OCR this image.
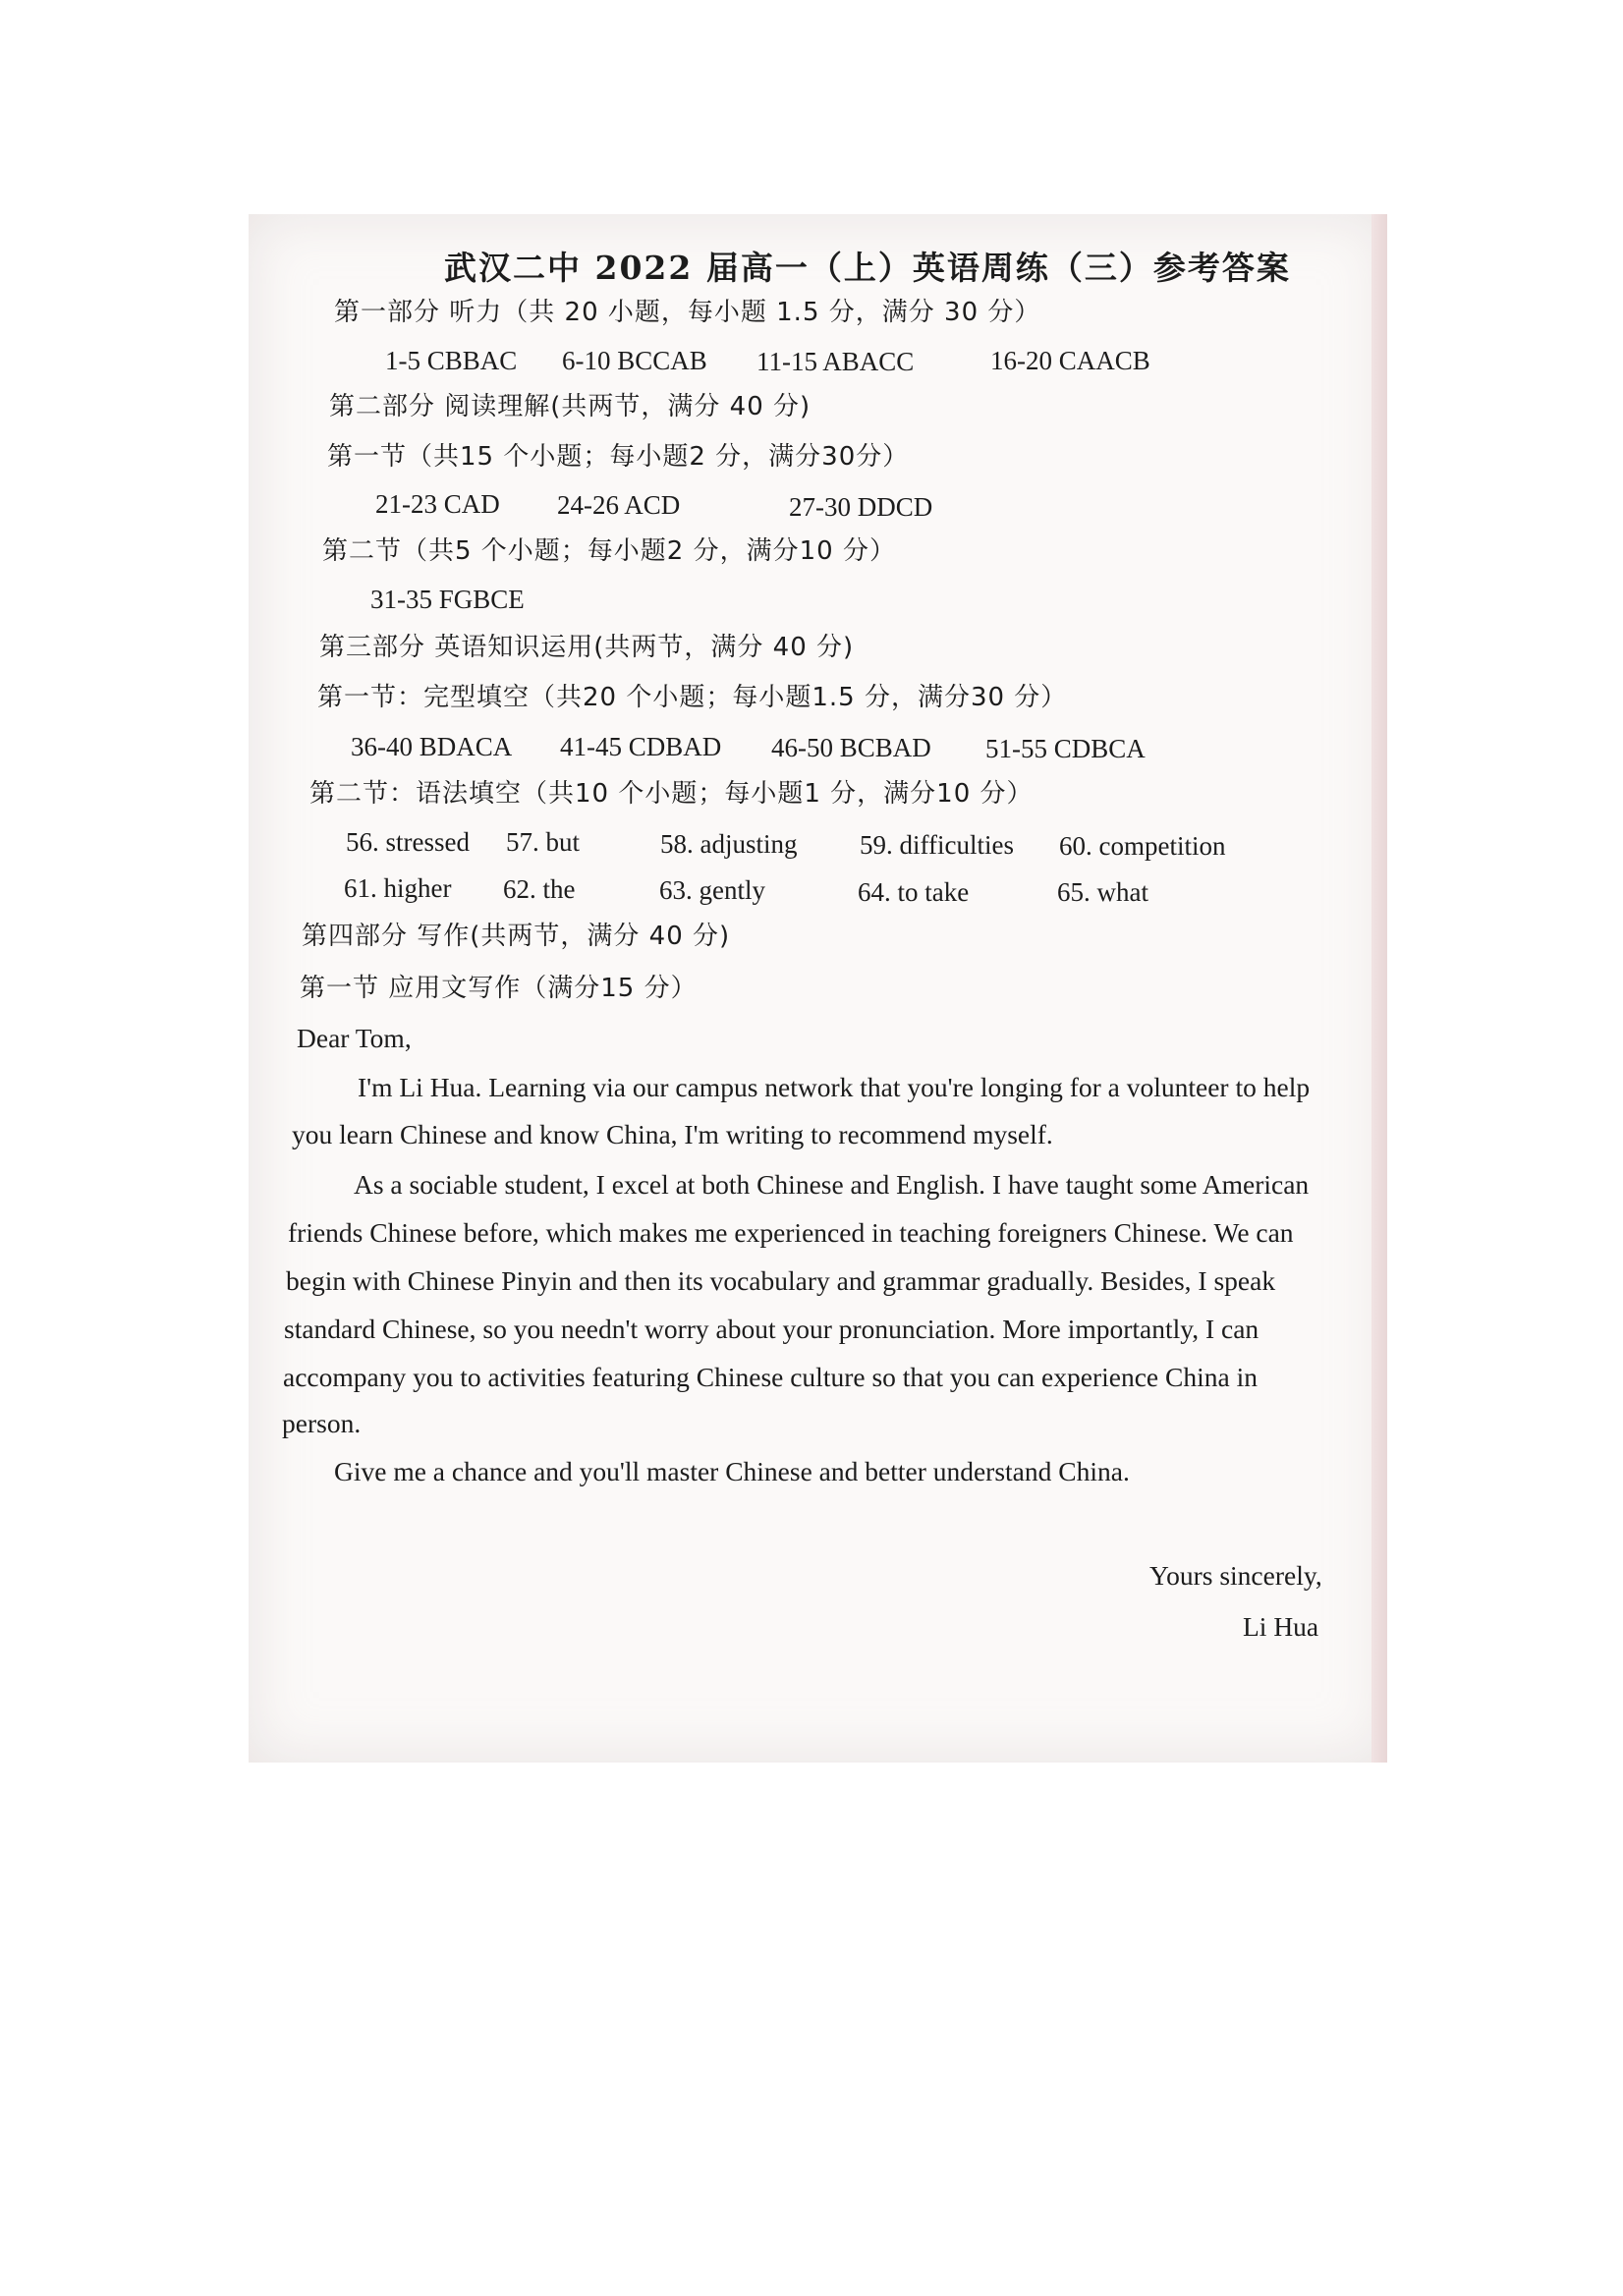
武汉二中 2022 届高一（上）英语周练（三）参考答案
第一部分 听力（共 20 小题，每小题 1.5 分，满分 30 分）
1-5 CBBAC 6-10 BCCAB 11-15 ABACC	16-20 CAACB
第二部分 阅读理解(共两节，满分 40 分)
第一节（共15 个小题；每小题2 分，满分30分）
21-23 CAD 24-26 ACD	27-30 DDCD
第二节（共5 个小题；每小题2 分，满分10 分）
31-35 FGBCE
第三部分 英语知识运用(共两节，满分 40 分)
第一节：完型填空（共20 个小题；每小题1.5 分，满分30 分）
36-40 BDACA 41-45 CDBAD 46-50 BCBAD 51-55 CDBCA
第二节：语法填空（共10 个小题；每小题1 分，满分10 分）
56. stressed 57. but	58. adjusting 59. difficulties 60. competition
61. higher 62. the	63. gently	64. to take	65. what
第四部分 写作(共两节，满分 40 分)
第一节 应用文写作（满分15 分）
Dear Tom,
I'm Li Hua. Learning via our campus network that you're longing for a volunteer to help
you learn Chinese and know China, I'm writing to recommend myself.
As a sociable student, I excel at both Chinese and English. I have taught some American
friends Chinese before, which makes me experienced in teaching foreigners Chinese. We can
begin with Chinese Pinyin and then its vocabulary and grammar gradually. Besides, I speak
standard Chinese, so you needn't worry about your pronunciation. More importantly, I can
accompany you to activities featuring Chinese culture so that you can experience China in
person.
Give me a chance and you'll master Chinese and better understand China.
Yours sincerely,
Li Hua
